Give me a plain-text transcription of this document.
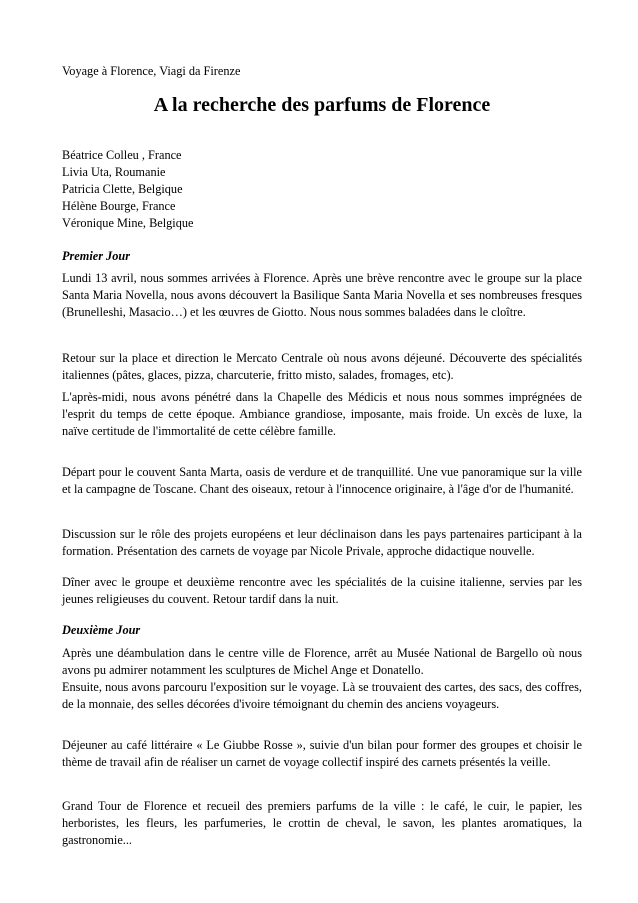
Voyage à Florence, Viagi da Firenze
A la recherche des parfums de Florence
Béatrice Colleu , France
Livia Uta, Roumanie
Patricia Clette, Belgique
Hélène Bourge, France
Véronique Mine, Belgique

Premier Jour

Lundi 13 avril, nous sommes arrivées à Florence. Après une brève rencontre avec le groupe sur la place Santa Maria Novella, nous avons découvert la Basilique Santa Maria Novella et ses nombreuses fresques (Brunelleshi, Masacio…) et les œuvres de Giotto. Nous nous sommes baladées dans le cloître.

Retour sur la place et direction le Mercato Centrale où nous avons déjeuné. Découverte des spécialités italiennes (pâtes, glaces, pizza, charcuterie, fritto misto, salades, fromages, etc).

L'après-midi, nous avons pénétré dans la Chapelle des Médicis et nous nous sommes imprégnées de l'esprit du temps de cette époque. Ambiance grandiose, imposante, mais froide. Un excès de luxe, la naïve certitude de l'immortalité de cette célèbre famille.

Départ pour le couvent Santa Marta, oasis de verdure et de tranquillité. Une vue panoramique sur la ville et la campagne de Toscane. Chant des oiseaux, retour à l'innocence originaire, à l'âge d'or de l'humanité.

Discussion sur le rôle des projets européens et leur déclinaison dans les pays partenaires participant à la formation. Présentation des carnets de voyage par Nicole Privale, approche didactique nouvelle.

Dîner avec le groupe et deuxième rencontre avec les spécialités de la cuisine italienne, servies par les jeunes religieuses du couvent. Retour tardif dans la nuit.

Deuxième Jour

Après une déambulation dans le centre ville de Florence, arrêt au Musée National de Bargello où nous avons pu admirer notamment les sculptures de Michel Ange et Donatello.

Ensuite, nous avons parcouru l'exposition sur le voyage. Là se trouvaient des cartes, des sacs, des coffres, de la monnaie, des selles décorées d'ivoire témoignant du chemin des anciens voyageurs.

Déjeuner au café littéraire « Le Giubbe Rosse », suivie d'un bilan pour former des groupes et choisir le thème de travail afin de réaliser un carnet de voyage collectif inspiré des carnets présentés la veille.

Grand Tour de Florence et recueil des premiers parfums de la ville : le café, le cuir, le papier, les herboristes, les fleurs, les parfumeries, le crottin de cheval, le savon, les plantes aromatiques, la gastronomie...
